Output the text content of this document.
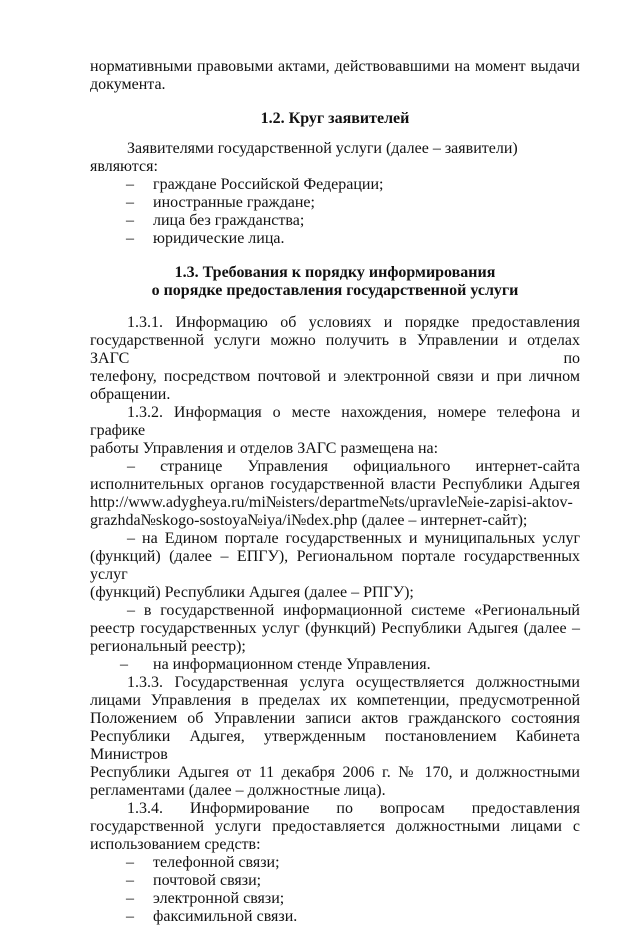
нормативными правовыми актами, действовавшими на момент выдачи
документа.

1.2. Круг заявителей

Заявителями государственной услуги (далее – заявители) являются:
– граждане Российской Федерации;
– иностранные граждане;
– лица без гражданства;
– юридические лица.

1.3. Требования к порядку информирования

о порядке предоставления государственной услуги

1.3.1. Информацию об условиях и порядке предоставления
государственной услуги можно получить в Управлении и отделах ЗАГС по
телефону, посредством почтовой и электронной связи и при личном
обращении.
1.3.2. Информация о месте нахождения, номере телефона и графике
работы Управления и отделов ЗАГС размещена на:
– странице Управления официального интернет-сайта
исполнительных органов государственной власти Республики Адыгея
http://www.adygheya.ru/mi№isters/departme№ts/upravle№ie-zapisi-aktov-
grazhda№skogo-sostoya№iya/i№dex.php (далее – интернет-сайт);
– на Едином портале государственных и муниципальных услуг
(функций) (далее – ЕПГУ), Региональном портале государственных услуг
(функций) Республики Адыгея (далее – РПГУ);
– в государственной информационной системе «Региональный
реестр государственных услуг (функций) Республики Адыгея (далее –
региональный реестр);
– на информационном стенде Управления.
1.3.3. Государственная услуга осуществляется должностными
лицами Управления в пределах их компетенции, предусмотренной
Положением об Управлении записи актов гражданского состояния
Республики Адыгея, утвержденным постановлением Кабинета Министров
Республики Адыгея от 11 декабря 2006 г. № 170, и должностными
регламентами (далее – должностные лица).
1.3.4. Информирование по вопросам предоставления
государственной услуги предоставляется должностными лицами с
использованием средств:
– телефонной связи;
– почтовой связи;
– электронной связи;
– факсимильной связи.
